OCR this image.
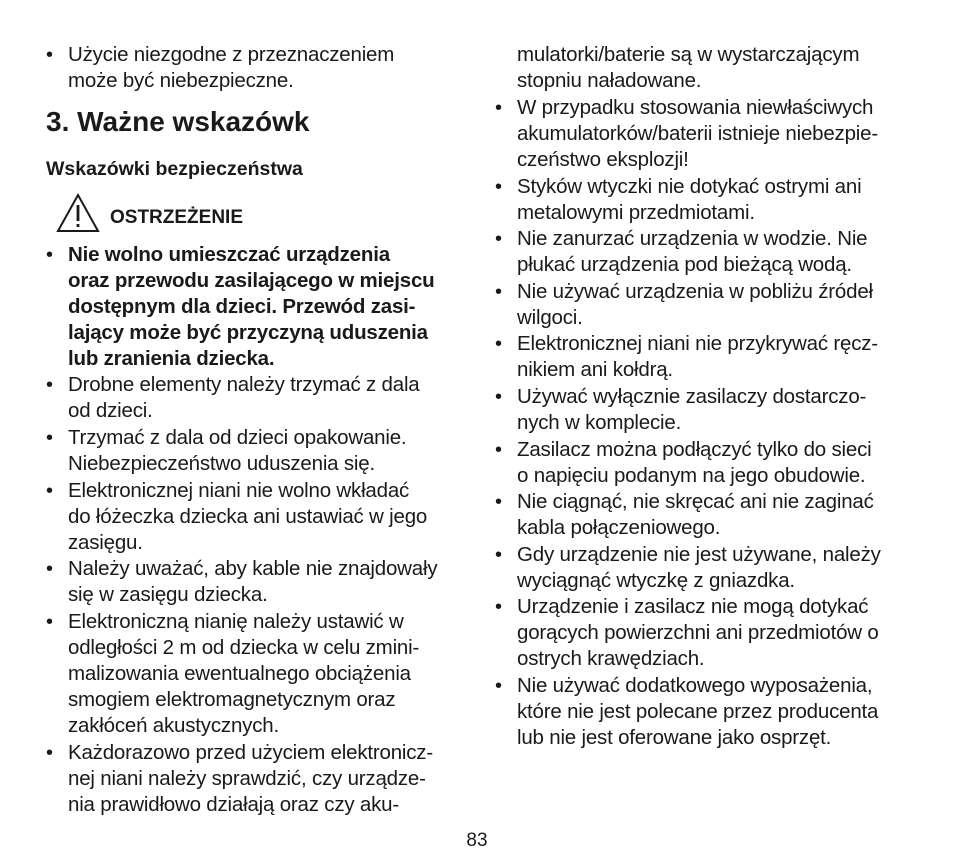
• Użycie niezgodne z przeznaczeniem
może być niebezpieczne.
3. Ważne wskazówk
Wskazówki bezpieczeństwa
OSTRZEŻENIE
• Nie wolno umieszczać urządzenia
oraz przewodu zasilającego w miejscu
dostępnym dla dzieci. Przewód zasi-
lający może być przyczyną uduszenia
lub zranienia dziecka.
• Drobne elementy należy trzymać z dala
od dzieci.
• Trzymać z dala od dzieci opakowanie.
Niebezpieczeństwo uduszenia się.
• Elektronicznej niani nie wolno wkładać
do łóżeczka dziecka ani ustawiać w jego
zasięgu.
• Należy uważać, aby kable nie znajdowały
się w zasięgu dziecka.
• Elektroniczną nianię należy ustawić w
odległości 2 m od dziecka w celu zmini-
malizowania ewentualnego obciążenia
smogiem elektromagnetycznym oraz
zakłóceń akustycznych.
• Każdorazowo przed użyciem elektronicz-
nej niani należy sprawdzić, czy urządze-
nia prawidłowo działają oraz czy aku-
mulatorki/baterie są w wystarczającym
stopniu naładowane.
• W przypadku stosowania niewłaściwych
akumulatorków/baterii istnieje niebezpie-
czeństwo eksplozji!
• Styków wtyczki nie dotykać ostrymi ani
metalowymi przedmiotami.
• Nie zanurzać urządzenia w wodzie. Nie
płukać urządzenia pod bieżącą wodą.
• Nie używać urządzenia w pobliżu źródeł
wilgoci.
• Elektronicznej niani nie przykrywać ręcz-
nikiem ani kołdrą.
• Używać wyłącznie zasilaczy dostarczo-
nych w komplecie.
• Zasilacz można podłączyć tylko do sieci
o napięciu podanym na jego obudowie.
• Nie ciągnąć, nie skręcać ani nie zaginać
kabla połączeniowego.
• Gdy urządzenie nie jest używane, należy
wyciągnąć wtyczkę z gniazdka.
• Urządzenie i zasilacz nie mogą dotykać
gorących powierzchni ani przedmiotów o
ostrych krawędziach.
• Nie używać dodatkowego wyposażenia,
które nie jest polecane przez producenta
lub nie jest oferowane jako osprzęt.
83
